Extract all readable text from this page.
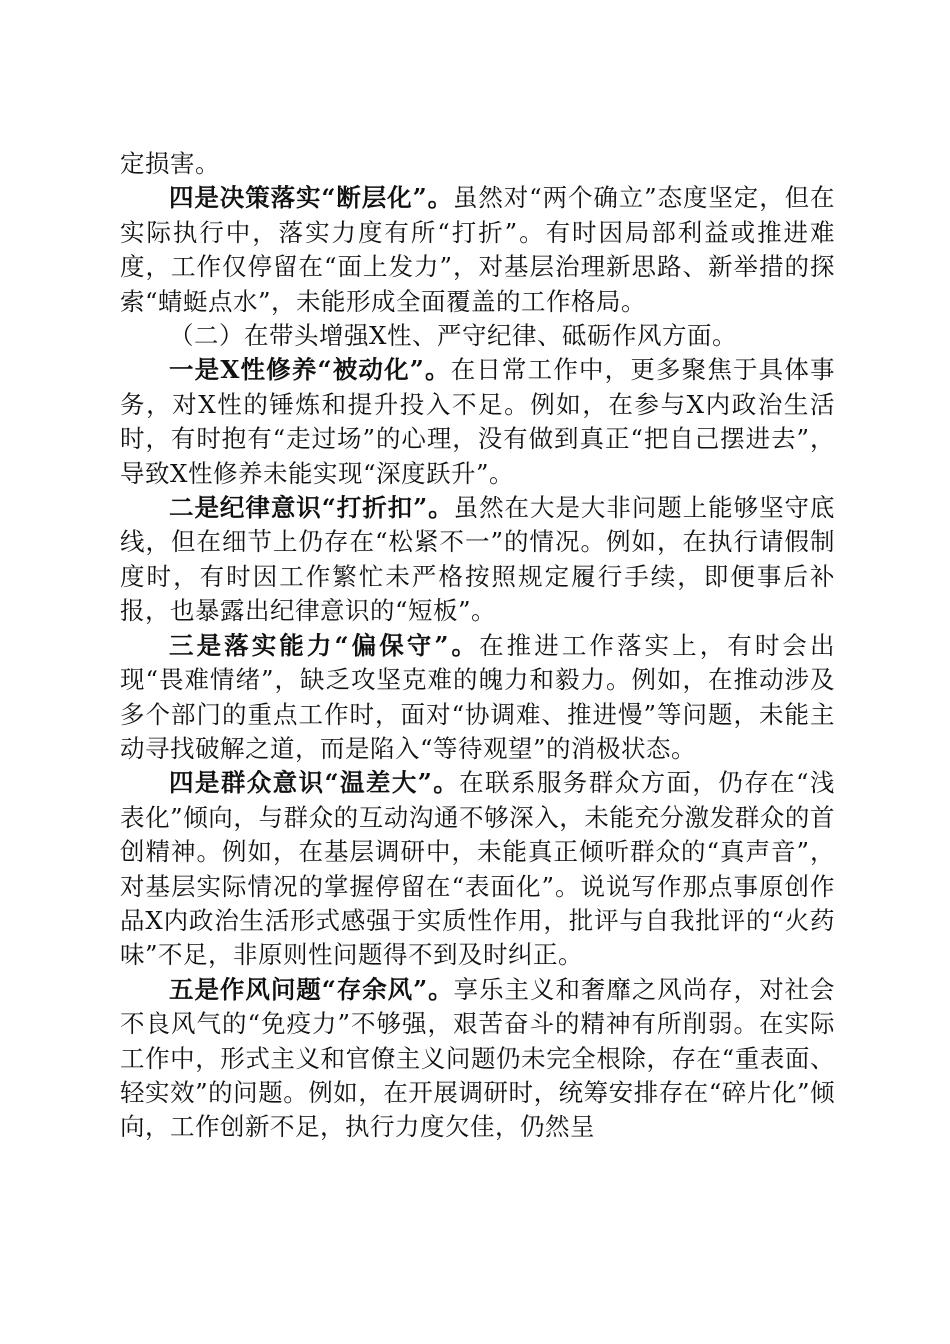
定损害。

四是决策落实“断层化”。虽然对“两个确立”态度坚定，但在实际执行中，落实力度有所“打折”。有时因局部利益或推进难度，工作仅停留在“面上发力”，对基层治理新思路、新举措的探索“蜻蜓点水”，未能形成全面覆盖的工作格局。

（二）在带头增强X性、严守纪律、砥砺作风方面。

一是X性修养“被动化”。在日常工作中，更多聚焦于具体事务，对X性的锤炼和提升投入不足。例如，在参与X内政治生活时，有时抱有“走过场”的心理，没有做到真正“把自己摆进去”，导致X性修养未能实现“深度跃升”。

二是纪律意识“打折扣”。虽然在大是大非问题上能够坚守底线，但在细节上仍存在“松紧不一”的情况。例如，在执行请假制度时，有时因工作繁忙未严格按照规定履行手续，即便事后补报，也暴露出纪律意识的“短板”。

三是落实能力“偏保守”。在推进工作落实上，有时会出现“畏难情绪”，缺乏攻坚克难的魄力和毅力。例如，在推动涉及多个部门的重点工作时，面对“协调难、推进慢”等问题，未能主动寻找破解之道，而是陷入“等待观望”的消极状态。

四是群众意识“温差大”。在联系服务群众方面，仍存在“浅表化”倾向，与群众的互动沟通不够深入，未能充分激发群众的首创精神。例如，在基层调研中，未能真正倾听群众的“真声音”，对基层实际情况的掌握停留在“表面化”。说说写作那点事原创作品X内政治生活形式感强于实质性作用，批评与自我批评的“火药味”不足，非原则性问题得不到及时纠正。

五是作风问题“存余风”。享乐主义和奢靡之风尚存，对社会不良风气的“免疫力”不够强，艰苦奋斗的精神有所削弱。在实际工作中，形式主义和官僚主义问题仍未完全根除，存在“重表面、轻实效”的问题。例如，在开展调研时，统筹安排存在“碎片化”倾向，工作创新不足，执行力度欠佳，仍然呈
